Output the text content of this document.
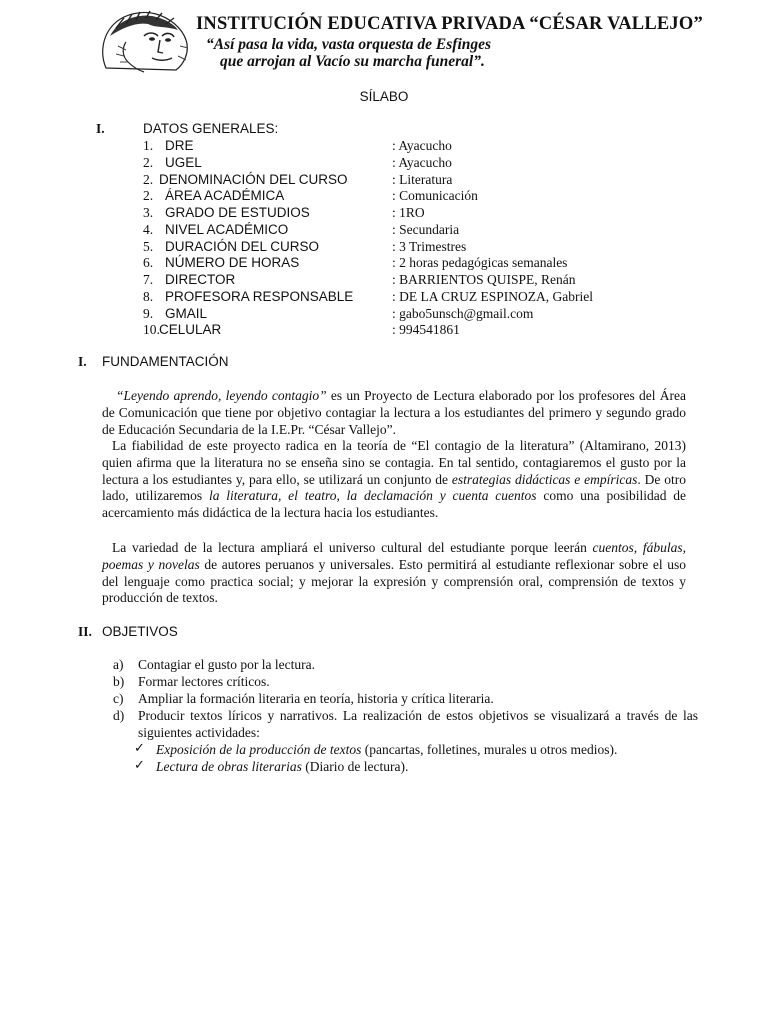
INSTITUCIÓN EDUCATIVA PRIVADA “CÉSAR VALLEJO”
“Así pasa la vida, vasta orquesta de Esfinges
que arrojan al Vacío su marcha funeral”.
SÍLABO
I.	DATOS GENERALES:
1. DRE	: Ayacucho
2. UGEL	: Ayacucho
2. DENOMINACIÓN DEL CURSO	: Literatura
2. ÁREA ACADÉMICA	: Comunicación
3. GRADO DE ESTUDIOS	: 1RO
4. NIVEL ACADÉMICO	: Secundaria
5. DURACIÓN DEL CURSO	: 3 Trimestres
6. NÚMERO DE HORAS	: 2 horas pedagógicas semanales
7. DIRECTOR	: BARRIENTOS QUISPE, Renán
8. PROFESORA RESPONSABLE	: DE LA CRUZ ESPINOZA, Gabriel
9. GMAIL	: gabo5unsch@gmail.com
10. CELULAR	: 994541861
I. FUNDAMENTACIÓN

“Leyendo aprendo, leyendo contagio” es un Proyecto de Lectura elaborado por los profesores del Área de Comunicación que tiene por objetivo contagiar la lectura a los estudiantes del primero y segundo grado de Educación Secundaria de la I.E.Pr. “César Vallejo”.

La fiabilidad de este proyecto radica en la teoría de “El contagio de la literatura” (Altamirano, 2013) quien afirma que la literatura no se enseña sino se contagia. En tal sentido, contagiaremos el gusto por la lectura a los estudiantes y, para ello, se utilizará un conjunto de estrategias didácticas e empíricas. De otro lado, utilizaremos la literatura, el teatro, la declamación y cuenta cuentos como una posibilidad de acercamiento más didáctica de la lectura hacia los estudiantes.

La variedad de la lectura ampliará el universo cultural del estudiante porque leerán cuentos, fábulas, poemas y novelas de autores peruanos y universales. Esto permitirá al estudiante reflexionar sobre el uso del lenguaje como practica social; y mejorar la expresión y comprensión oral, comprensión de textos y producción de textos.

II. OBJETIVOS
a) Contagiar el gusto por la lectura.
b) Formar lectores críticos.
c) Ampliar la formación literaria en teoría, historia y crítica literaria.
d) Producir textos líricos y narrativos. La realización de estos objetivos se visualizará a través de las siguientes actividades:
✓ Exposición de la producción de textos (pancartas, folletines, murales u otros medios).
✓ Lectura de obras literarias (Diario de lectura).
